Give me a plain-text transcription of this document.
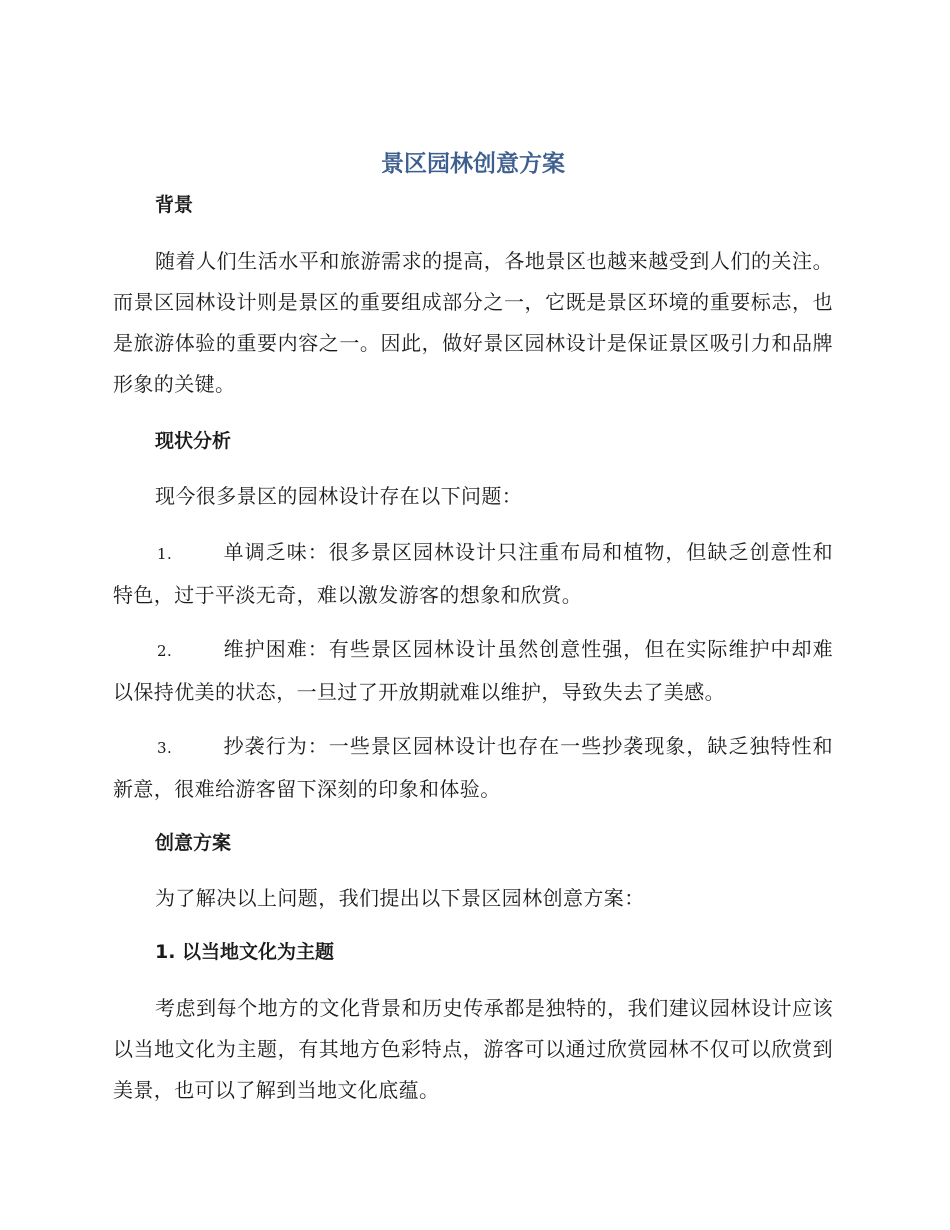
景区园林创意方案
背景

随着人们生活水平和旅游需求的提高，各地景区也越来越受到人们的关注。而景区园林设计则是景区的重要组成部分之一，它既是景区环境的重要标志，也是旅游体验的重要内容之一。因此，做好景区园林设计是保证景区吸引力和品牌形象的关键。

现状分析

现今很多景区的园林设计存在以下问题：

1.	单调乏味：很多景区园林设计只注重布局和植物，但缺乏创意性和特色，过于平淡无奇，难以激发游客的想象和欣赏。

2.	维护困难：有些景区园林设计虽然创意性强，但在实际维护中却难以保持优美的状态，一旦过了开放期就难以维护，导致失去了美感。

3.	抄袭行为：一些景区园林设计也存在一些抄袭现象，缺乏独特性和新意，很难给游客留下深刻的印象和体验。

创意方案

为了解决以上问题，我们提出以下景区园林创意方案：

1. 以当地文化为主题

考虑到每个地方的文化背景和历史传承都是独特的，我们建议园林设计应该以当地文化为主题，有其地方色彩特点，游客可以通过欣赏园林不仅可以欣赏到美景，也可以了解到当地文化底蕴。
